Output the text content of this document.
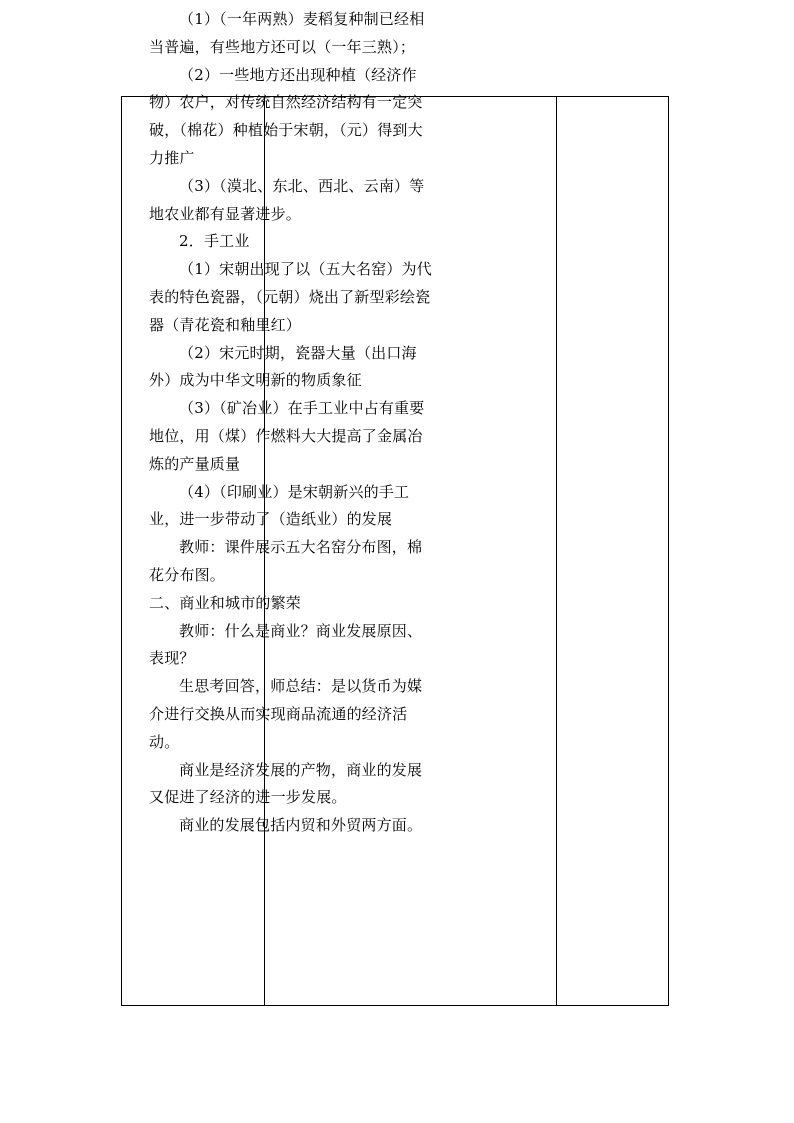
（1）（一年两熟）麦稻复种制已经相当普遍，有些地方还可以（一年三熟）；

（2）一些地方还出现种植（经济作物）农户，对传统自然经济结构有一定突破，（棉花）种植始于宋朝，（元）得到大力推广

（3）（漠北、东北、西北、云南）等地农业都有显著进步。

2．手工业

（1）宋朝出现了以（五大名窑）为代表的特色瓷器，（元朝）烧出了新型彩绘瓷器（青花瓷和釉里红）

（2）宋元时期，瓷器大量（出口海外）成为中华文明新的物质象征

（3）（矿冶业）在手工业中占有重要地位，用（煤）作燃料大大提高了金属冶炼的产量质量

（4）（印刷业）是宋朝新兴的手工业，进一步带动了（造纸业）的发展

教师：课件展示五大名窑分布图，棉花分布图。

二、商业和城市的繁荣

教师：什么是商业？商业发展原因、表现？

生思考回答，师总结：是以货币为媒介进行交换从而实现商品流通的经济活动。

商业是经济发展的产物，商业的发展又促进了经济的进一步发展。

商业的发展包括内贸和外贸两方面。
